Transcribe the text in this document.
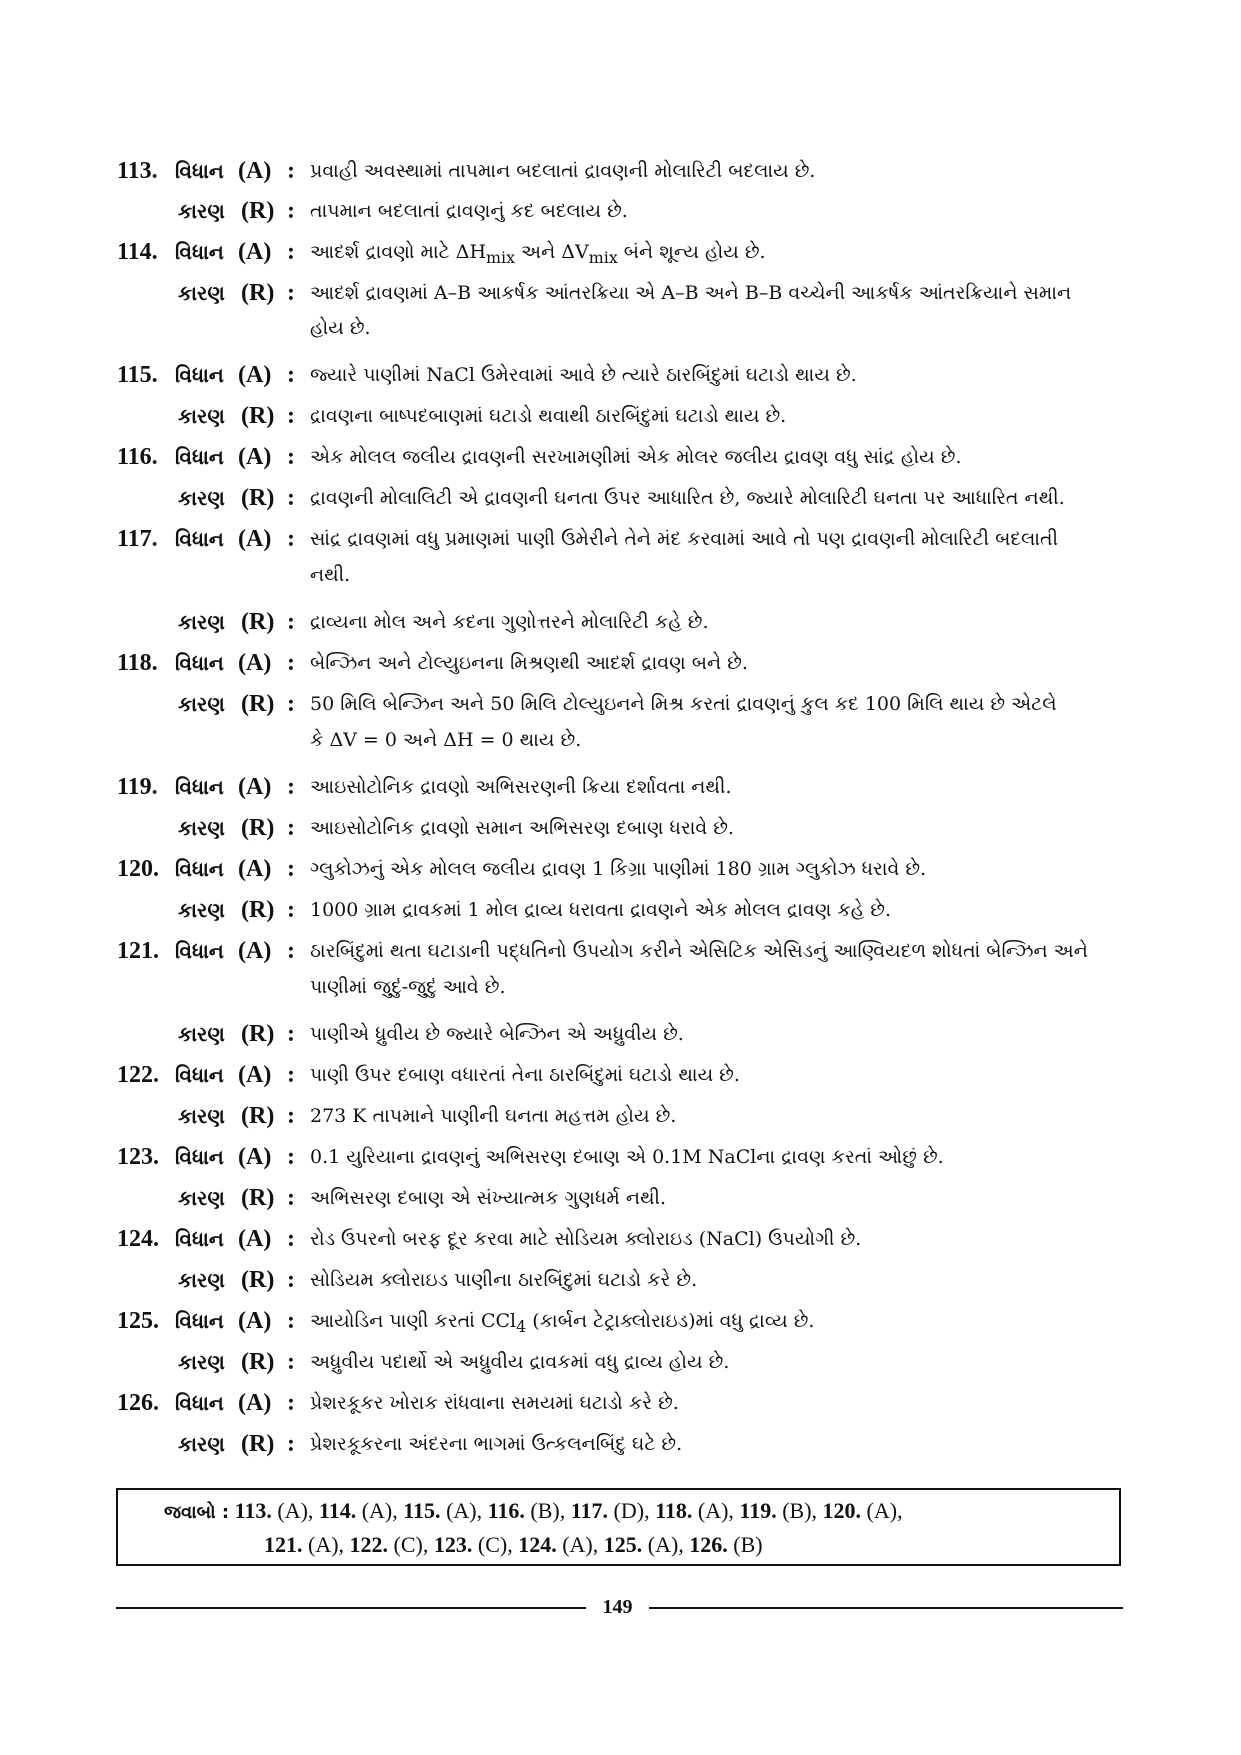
113. વિધાન (A) : પ્રવાહી અવસ્થામાં તાપમાન બદલાતાં દ્રાવણની મોલારિટી બદલાય છે.
કારણ (R) : તાપમાન બદલાતાં દ્રાવણનું કદ બદલાય છે.
114. વિધાન (A) : આદર્શ દ્રાવણો માટે $\Delta H_{mix}$ અને $\Delta V_{mix}$ બંને શૂન્ય હોય છે.
કારણ (R) : આદર્શ દ્રાવણમાં A–B આકર્ષક આંતરક્રિયા એ A–B અને B–B વચ્ચેની આકર્ષક આંતરક્રિયાને સમાન
હોય છે.
115. વિધાન (A) : જ્યારે પાણીમાં NaCl ઉમેરવામાં આવે છે ત્યારે ઠારબિંદુમાં ઘટાડો થાય છે.
કારણ (R) : દ્રાવણના બાષ્પદબાણમાં ઘટાડો થવાથી ઠારબિંદુમાં ઘટાડો થાય છે.
116. વિધાન (A) : એક મોલલ જલીય દ્રાવણની સરખામણીમાં એક મોલર જલીય દ્રાવણ વધુ સાંદ્ર હોય છે.
કારણ (R) : દ્રાવણની મોલાલિટી એ દ્રાવણની ઘનતા ઉપર આધારિત છે, જ્યારે મોલારિટી ઘનતા પર આધારિત નથી.
117. વિધાન (A) : સાંદ્ર દ્રાવણમાં વધુ પ્રમાણમાં પાણી ઉમેરીને તેને મંદ કરવામાં આવે તો પણ દ્રાવણની મોલારિટી બદલાતી
નથી.
કારણ (R) : દ્રાવ્યના મોલ અને કદના ગુણોત્તરને મોલારિટી કહે છે.
118. વિધાન (A) : બેન્ઝિન અને ટોલ્યુઇનના મિશ્રણથી આદર્શ દ્રાવણ બને છે.
કારણ (R) : 50 મિલિ બેન્ઝિન અને 50 મિલિ ટોલ્યુઇનને મિશ્ર કરતાં દ્રાવણનું કુલ કદ 100 મિલિ થાય છે એટલે
કે ΔV = 0 અને ΔH = 0 થાય છે.
119. વિધાન (A) : આઇસોટોનિક દ્રાવણો અભિસરણની ક્રિયા દર્શાવતા નથી.
કારણ (R) : આઇસોટોનિક દ્રાવણો સમાન અભિસરણ દબાણ ધરાવે છે.
120. વિધાન (A) : ગ્લુકોઝનું એક મોલલ જલીય દ્રાવણ 1 કિગ્રા પાણીમાં 180 ગ્રામ ગ્લુકોઝ ધરાવે છે.
કારણ (R) : 1000 ગ્રામ દ્રાવકમાં 1 મોલ દ્રાવ્ય ધરાવતા દ્રાવણને એક મોલલ દ્રાવણ કહે છે.
121. વિધાન (A) : ઠારબિંદુમાં થતા ઘટાડાની પદ્ધતિનો ઉપયોગ કરીને એસિટિક એસિડનું આણ્વિયદળ શોધતાં બેન્ઝિન અને
પાણીમાં જુદું-જુદું આવે છે.
કારણ (R) : પાણીએ ધ્રુવીય છે જ્યારે બેન્ઝિન એ અધ્રુવીય છે.
122. વિધાન (A) : પાણી ઉપર દબાણ વધારતાં તેના ઠારબિંદુમાં ઘટાડો થાય છે.
કારણ (R) : 273 K તાપમાને પાણીની ઘનતા મહત્તમ હોય છે.
123. વિધાન (A) : 0.1 યુરિયાના દ્રાવણનું અભિસરણ દબાણ એ 0.1M NaClના દ્રાવણ કરતાં ઓછું છે.
કારણ (R) : અભિસરણ દબાણ એ સંખ્યાત્મક ગુણધર્મ નથી.
124. વિધાન (A) : રોડ ઉપરનો બરફ દૂર કરવા માટે સોડિયમ ક્લોરાઇડ (NaCl) ઉપયોગી છે.
કારણ (R) : સોડિયમ ક્લોરાઇડ પાણીના ઠારબિંદુમાં ઘટાડો કરે છે.
125. વિધાન (A) : આયોડિન પાણી કરતાં CCl$_4$ (કાર્બન ટેટ્રાક્લોરાઇડ)માં વધુ દ્રાવ્ય છે.
કારણ (R) : અધ્રુવીય પદાર્થો એ અધ્રુવીય દ્રાવકમાં વધુ દ્રાવ્ય હોય છે.
126. વિધાન (A) : પ્રેશરકૂકર ખોરાક રાંધવાના સમયમાં ઘટાડો કરે છે.
કારણ (R) : પ્રેશરકૂકરના અંદરના ભાગમાં ઉત્કલનબિંદુ ઘટે છે.
જવાબો : 113. (A), 114. (A), 115. (A), 116. (B), 117. (D), 118. (A), 119. (B), 120. (A),
121. (A), 122. (C), 123. (C), 124. (A), 125. (A), 126. (B)
149
